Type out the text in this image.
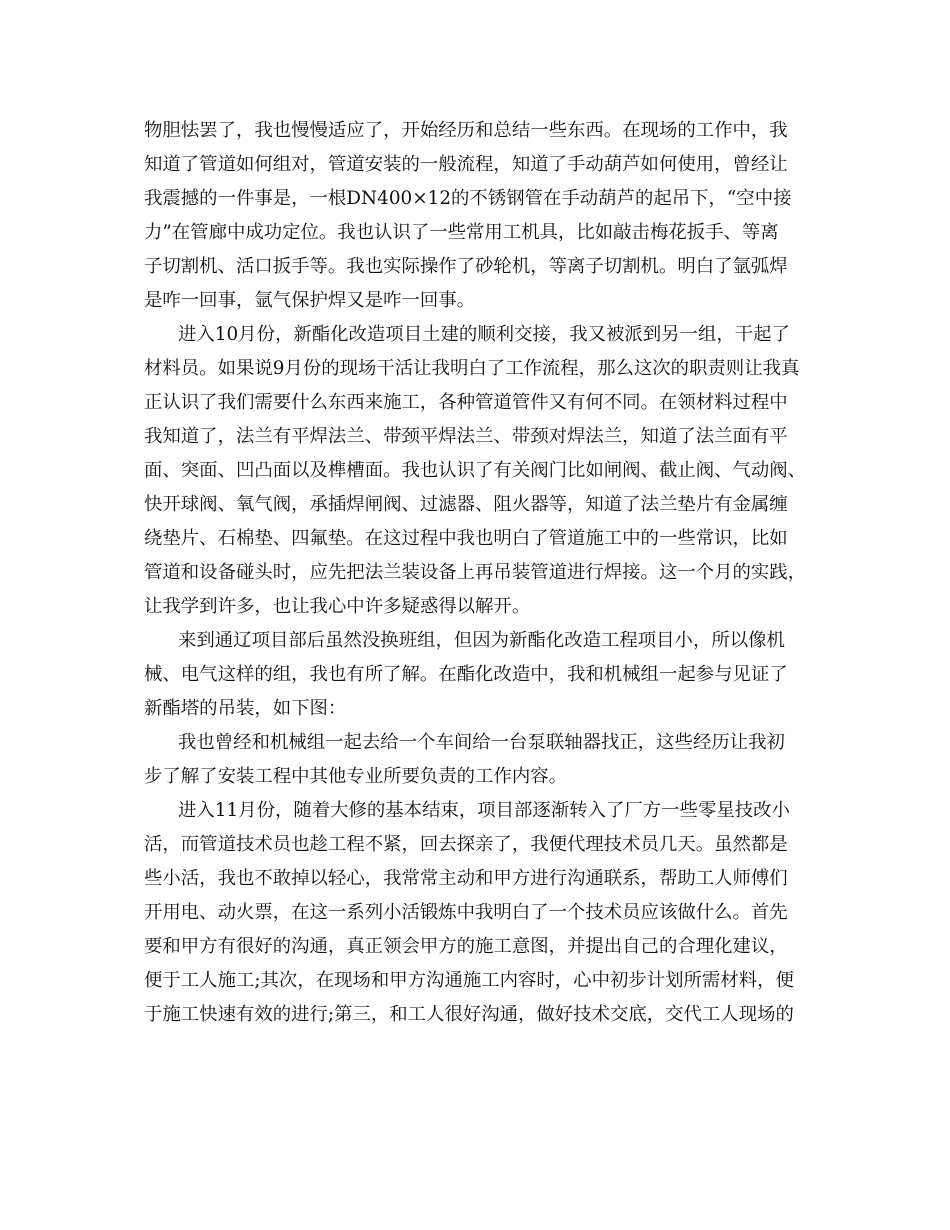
物胆怯罢了，我也慢慢适应了，开始经历和总结一些东西。在现场的工作中，我
知道了管道如何组对，管道安装的一般流程，知道了手动葫芦如何使用，曾经让
我震撼的一件事是，一根DN400×12的不锈钢管在手动葫芦的起吊下，“空中接
力”在管廊中成功定位。我也认识了一些常用工机具，比如敲击梅花扳手、等离
子切割机、活口扳手等。我也实际操作了砂轮机，等离子切割机。明白了氩弧焊
是咋一回事，氩气保护焊又是咋一回事。
进入10月份，新酯化改造项目土建的顺利交接，我又被派到另一组，干起了
材料员。如果说9月份的现场干活让我明白了工作流程，那么这次的职责则让我真
正认识了我们需要什么东西来施工，各种管道管件又有何不同。在领材料过程中
我知道了，法兰有平焊法兰、带颈平焊法兰、带颈对焊法兰，知道了法兰面有平
面、突面、凹凸面以及榫槽面。我也认识了有关阀门比如闸阀、截止阀、气动阀、
快开球阀、氧气阀，承插焊闸阀、过滤器、阻火器等，知道了法兰垫片有金属缠
绕垫片、石棉垫、四氟垫。在这过程中我也明白了管道施工中的一些常识，比如
管道和设备碰头时，应先把法兰装设备上再吊装管道进行焊接。这一个月的实践，
让我学到许多，也让我心中许多疑惑得以解开。
来到通辽项目部后虽然没换班组，但因为新酯化改造工程项目小，所以像机
械、电气这样的组，我也有所了解。在酯化改造中，我和机械组一起参与见证了
新酯塔的吊装，如下图：
我也曾经和机械组一起去给一个车间给一台泵联轴器找正，这些经历让我初
步了解了安装工程中其他专业所要负责的工作内容。
进入11月份，随着大修的基本结束，项目部逐渐转入了厂方一些零星技改小
活，而管道技术员也趁工程不紧，回去探亲了，我便代理技术员几天。虽然都是
些小活，我也不敢掉以轻心，我常常主动和甲方进行沟通联系，帮助工人师傅们
开用电、动火票，在这一系列小活锻炼中我明白了一个技术员应该做什么。首先
要和甲方有很好的沟通，真正领会甲方的施工意图，并提出自己的合理化建议，
便于工人施工;其次，在现场和甲方沟通施工内容时，心中初步计划所需材料，便
于施工快速有效的进行;第三，和工人很好沟通，做好技术交底，交代工人现场的
